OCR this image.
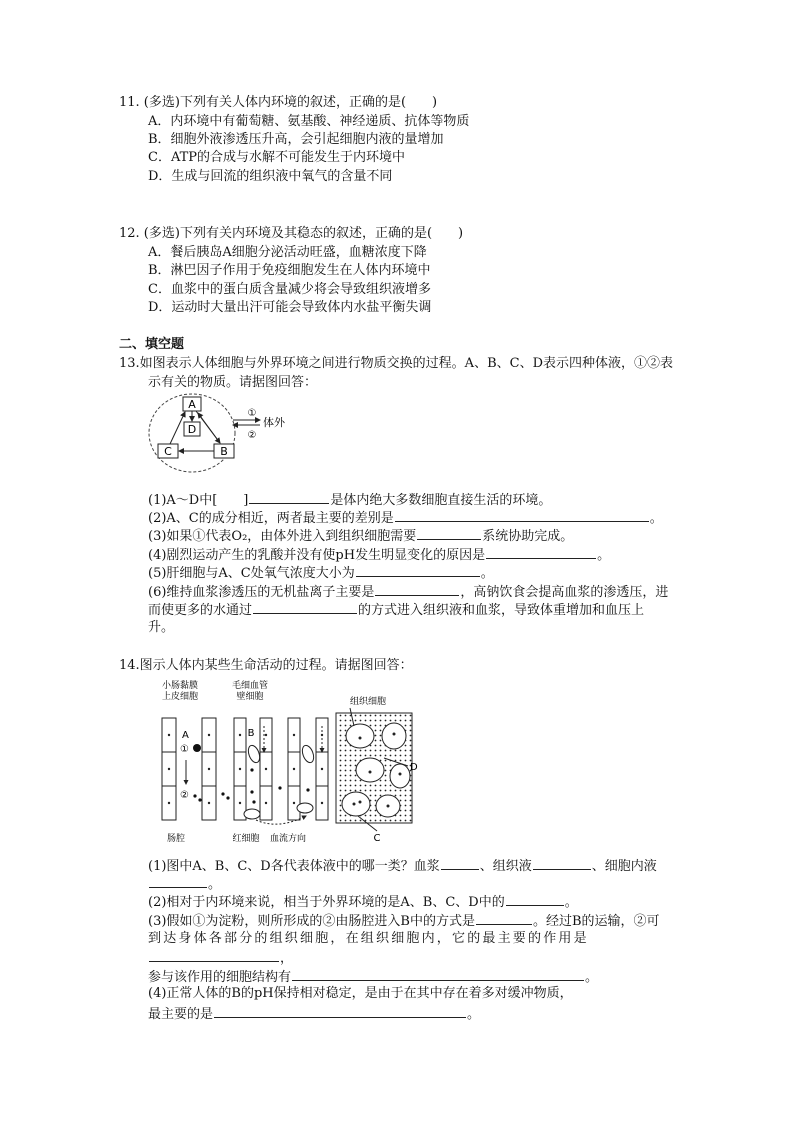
11. (多选)下列有关人体内环境的叙述，正确的是(　　)
A．内环境中有葡萄糖、氨基酸、神经递质、抗体等物质
B．细胞外液渗透压升高，会引起细胞内液的量增加
C．ATP的合成与水解不可能发生于内环境中
D．生成与回流的组织液中氧气的含量不同
12. (多选)下列有关内环境及其稳态的叙述，正确的是(　　)
A．餐后胰岛A细胞分泌活动旺盛，血糖浓度下降
B．淋巴因子作用于免疫细胞发生在人体内环境中
C．血浆中的蛋白质含量减少将会导致组织液增多
D．运动时大量出汗可能会导致体内水盐平衡失调
二、填空题
13.如图表示人体细胞与外界环境之间进行物质交换的过程。A、B、C、D表示四种体液，①②表
示有关的物质。请据图回答：
A
D
C	B
①
②
体外
(1)A～D中[　　]	是体内绝大多数细胞直接生活的环境。
(2)A、C的成分相近，两者最主要的差别是	。
(3)如果①代表O₂，由体外进入到组织细胞需要	系统协助完成。
(4)剧烈运动产生的乳酸并没有使pH发生明显变化的原因是	。
(5)肝细胞与A、C处氧气浓度大小为	。
(6)维持血浆渗透压的无机盐离子主要是	，高钠饮食会提高血浆的渗透压，进
而使更多的水通过	的方式进入组织液和血浆，导致体重增加和血压上
升。
14.图示人体内某些生命活动的过程。请据图回答：
小肠黏膜
上皮细胞
毛细血管
壁细胞	组织细胞
D
C
A
①
②
B
肠腔	红细胞 血流方向
(1)图中A、B、C、D各代表体液中的哪一类？血浆	、组织液	、细胞内液
。
(2)相对于内环境来说，相当于外界环境的是A、B、C、D中的	。
(3)假如①为淀粉，则所形成的②由肠腔进入B中的方式是	。经过B的运输，②可
到达身体各部分的组织细胞，在组织细胞内，它的最主要的作用是
，
参与该作用的细胞结构有	。
(4)正常人体的B的pH保持相对稳定，是由于在其中存在着多对缓冲物质，
最主要的是	。
